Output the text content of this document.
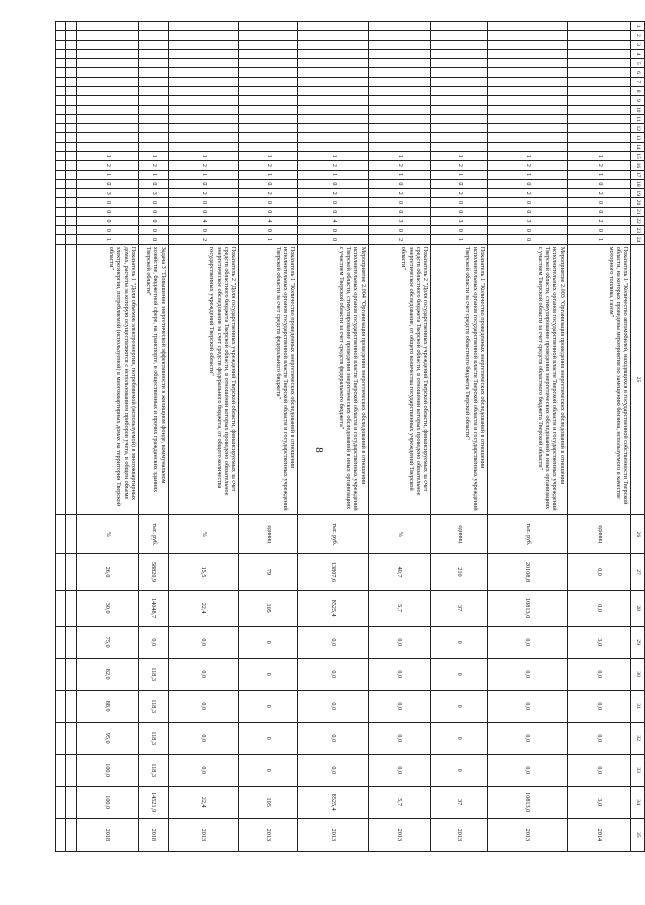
8
1	2	3	4	5	6	7	8	9	10	11	12	13	14	15	16	17	18	19	20	21	22	23	24	25	26	27	28	29	30	31	32	33	34	35
														1	2	1	0	2	0	0	2	0	1	Показатель 1 "Количество автомобилей, находящихся в государственной собственности Тверской области, на которых проведены мероприятия по замещению бензина, используемого в качестве моторного топлива, газом"	единиц	0,0	0,0	3,0	0,0	0,0	0,0	0,0	3,0	2014
														1	2	1	0	2	0	0	3	0	0	Мероприятие 2.003 "Организация проведения энергетических обследований в отношении исполнительных органов государственной власти Тверской области и государственных учреждений Тверской области, стимулирование проведения энергетических обследований в иных организациях с участием Тверской области за счет средств областного бюджета Тверской области"	тыс. руб.	20108,8	10813,0	0,0	0,0	0,0	0,0	0,0	10813,0	2013
														1	2	1	0	2	0	0	3	0	1	Показатель 1 "Количество проведенных энергетических обследований в отношении исполнительных органов государственной власти Тверской области и государственных учреждений Тверской области за счет средств областного бюджета Тверской области"	единиц	210	37	0	0	0	0	0	37	2013
														1	2	1	0	2	0	0	3	0	2	Показатель 2 "Доля государственных учреждений Тверской области, финансируемых за счет средств областного бюджета Тверской области, в отношении которых проведено обязательное энергетическое обследование, от общего количества государственных учреждений Тверской области"	%	40,7	5,7	0,0	0,0	0,0	0,0	0,0	5,7	2013
														1	2	1	0	2	0	0	4	0	0	Мероприятие 2.004 "Организация проведения энергетических обследований в отношении исполнительных органов государственной власти Тверской области и государственных учреждений Тверской области, стимулирование проведения энергетических обследований в иных организациях с участием Тверской области за счет средств федерального бюджета"	тыс. руб.	13807,6	8525,4	0,0	0,0	0,0	0,0	0,0	8525,4	2013
														1	2	1	0	2	0	0	4	0	1	Показатель 1 "Количество проведенных энергетических обследований в отношении исполнительных органов государственной власти Тверской области и государственных учреждений Тверской области за счет средств федерального бюджета"	единиц	79	105	0	0	0	0	0	105	2013
														1	2	1	0	2	0	0	4	0	2	Показатель 2 "Доля государственных учреждений Тверской области, финансируемых за счет средств областного бюджета Тверской области, в отношении которых проведено обязательное энергетическое обследование за счет средств федерального бюджета, от общего количества государственных учреждений Тверской области"	%	15,5	22,4	0,0	0,0	0,0	0,0	0,0	22,4	2013
														1	2	1	0	3	0	0	0	0	0	Задача 3 "Повышение энергетической эффективности в жилищном фонде, коммунальном хозяйстве, бюджетной сфере, на транспорте, в общественных и прочих гражданских зданиях Тверской области"	тыс. руб.	58820,9	14048,7	0,0	118,3	118,3	118,3	118,3	14521,9	2018
														1	2	1	0	3	0	0	0	0	1	Показатель 1 "Доля объемов электроэнергии, потребляемой (используемой) в многоквартирных домах, расчеты за которую осуществляются с использованием приборов учета, в общем объеме электроэнергии, потребляемой (используемой) в многоквартирных домах на территории Тверской области"	%	26,0	30,0	75,0	82,0	88,0	95,0	100,0	100,0	2018
